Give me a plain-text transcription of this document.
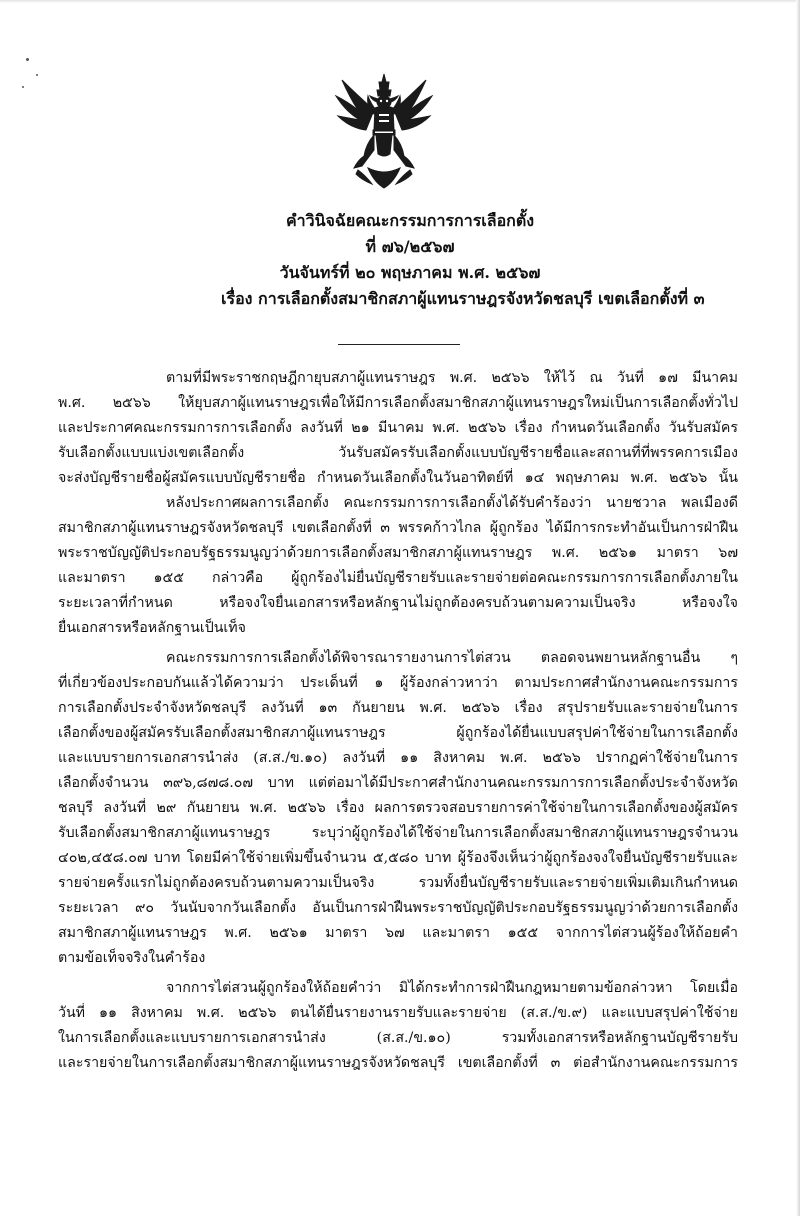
คำวินิจฉัยคณะกรรมการการเลือกตั้ง
ที่ ๗๖/๒๕๖๗
วันจันทร์ที่ ๒๐ พฤษภาคม พ.ศ. ๒๕๖๗
เรื่อง การเลือกตั้งสมาชิกสภาผู้แทนราษฎรจังหวัดชลบุรี เขตเลือกตั้งที่ ๓
ตามที่มีพระราชกฤษฎีกายุบสภาผู้แทนราษฎร พ.ศ. ๒๕๖๖ ให้ไว้ ณ วันที่ ๑๗ มีนาคม
พ.ศ. ๒๕๖๖ ให้ยุบสภาผู้แทนราษฎรเพื่อให้มีการเลือกตั้งสมาชิกสภาผู้แทนราษฎรใหม่เป็นการเลือกตั้งทั่วไป
และประกาศคณะกรรมการการเลือกตั้ง ลงวันที่ ๒๑ มีนาคม พ.ศ. ๒๕๖๖ เรื่อง กำหนดวันเลือกตั้ง วันรับสมัคร
รับเลือกตั้งแบบแบ่งเขตเลือกตั้ง วันรับสมัครรับเลือกตั้งแบบบัญชีรายชื่อและสถานที่ที่พรรคการเมือง
จะส่งบัญชีรายชื่อผู้สมัครแบบบัญชีรายชื่อ กำหนดวันเลือกตั้งในวันอาทิตย์ที่ ๑๔ พฤษภาคม พ.ศ. ๒๕๖๖ นั้น
หลังประกาศผลการเลือกตั้ง คณะกรรมการการเลือกตั้งได้รับคำร้องว่า นายชวาล พลเมืองดี
สมาชิกสภาผู้แทนราษฎรจังหวัดชลบุรี เขตเลือกตั้งที่ ๓ พรรคก้าวไกล ผู้ถูกร้อง ได้มีการกระทำอันเป็นการฝ่าฝืน
พระราชบัญญัติประกอบรัฐธรรมนูญว่าด้วยการเลือกตั้งสมาชิกสภาผู้แทนราษฎร พ.ศ. ๒๕๖๑ มาตรา ๖๗
และมาตรา ๑๕๕ กล่าวคือ ผู้ถูกร้องไม่ยื่นบัญชีรายรับและรายจ่ายต่อคณะกรรมการการเลือกตั้งภายใน
ระยะเวลาที่กำหนด หรือจงใจยื่นเอกสารหรือหลักฐานไม่ถูกต้องครบถ้วนตามความเป็นจริง หรือจงใจ
ยื่นเอกสารหรือหลักฐานเป็นเท็จ
คณะกรรมการการเลือกตั้งได้พิจารณารายงานการไต่สวน ตลอดจนพยานหลักฐานอื่น ๆ
ที่เกี่ยวข้องประกอบกันแล้วได้ความว่า ประเด็นที่ ๑ ผู้ร้องกล่าวหาว่า ตามประกาศสำนักงานคณะกรรมการ
การเลือกตั้งประจำจังหวัดชลบุรี ลงวันที่ ๑๓ กันยายน พ.ศ. ๒๕๖๖ เรื่อง สรุปรายรับและรายจ่ายในการ
เลือกตั้งของผู้สมัครรับเลือกตั้งสมาชิกสภาผู้แทนราษฎร ผู้ถูกร้องได้ยื่นแบบสรุปค่าใช้จ่ายในการเลือกตั้ง
และแบบรายการเอกสารนำส่ง (ส.ส./ข.๑๐) ลงวันที่ ๑๑ สิงหาคม พ.ศ. ๒๕๖๖ ปรากฏค่าใช้จ่ายในการ
เลือกตั้งจำนวน ๓๙๖,๘๗๘.๐๗ บาท แต่ต่อมาได้มีประกาศสำนักงานคณะกรรมการการเลือกตั้งประจำจังหวัด
ชลบุรี ลงวันที่ ๒๙ กันยายน พ.ศ. ๒๕๖๖ เรื่อง ผลการตรวจสอบรายการค่าใช้จ่ายในการเลือกตั้งของผู้สมัคร
รับเลือกตั้งสมาชิกสภาผู้แทนราษฎร ระบุว่าผู้ถูกร้องได้ใช้จ่ายในการเลือกตั้งสมาชิกสภาผู้แทนราษฎรจำนวน
๔๐๒,๔๕๘.๐๗ บาท โดยมีค่าใช้จ่ายเพิ่มขึ้นจำนวน ๕,๕๘๐ บาท ผู้ร้องจึงเห็นว่าผู้ถูกร้องจงใจยื่นบัญชีรายรับและ
รายจ่ายครั้งแรกไม่ถูกต้องครบถ้วนตามความเป็นจริง รวมทั้งยื่นบัญชีรายรับและรายจ่ายเพิ่มเติมเกินกำหนด
ระยะเวลา ๙๐ วันนับจากวันเลือกตั้ง อันเป็นการฝ่าฝืนพระราชบัญญัติประกอบรัฐธรรมนูญว่าด้วยการเลือกตั้ง
สมาชิกสภาผู้แทนราษฎร พ.ศ. ๒๕๖๑ มาตรา ๖๗ และมาตรา ๑๕๕ จากการไต่สวนผู้ร้องให้ถ้อยคำ
ตามข้อเท็จจริงในคำร้อง
จากการไต่สวนผู้ถูกร้องให้ถ้อยคำว่า มิได้กระทำการฝ่าฝืนกฎหมายตามข้อกล่าวหา โดยเมื่อ
วันที่ ๑๑ สิงหาคม พ.ศ. ๒๕๖๖ ตนได้ยื่นรายงานรายรับและรายจ่าย (ส.ส./ข.๙) และแบบสรุปค่าใช้จ่าย
ในการเลือกตั้งและแบบรายการเอกสารนำส่ง (ส.ส./ข.๑๐) รวมทั้งเอกสารหรือหลักฐานบัญชีรายรับ
และรายจ่ายในการเลือกตั้งสมาชิกสภาผู้แทนราษฎรจังหวัดชลบุรี เขตเลือกตั้งที่ ๓ ต่อสำนักงานคณะกรรมการ
